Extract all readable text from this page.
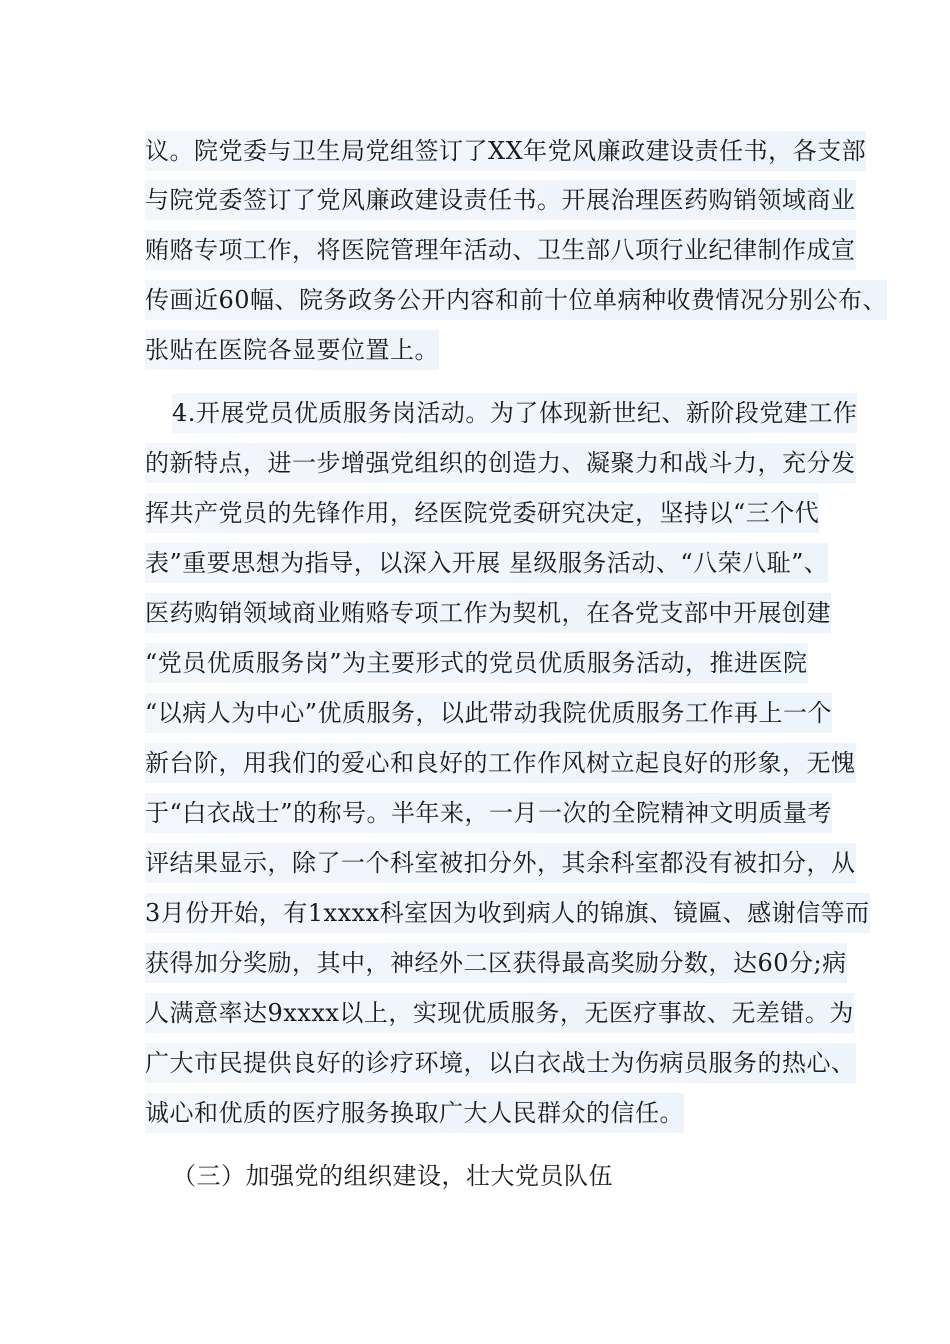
议。院党委与卫生局党组签订了XX年党风廉政建设责任书，各支部
与院党委签订了党风廉政建设责任书。开展治理医药购销领域商业
贿赂专项工作，将医院管理年活动、卫生部八项行业纪律制作成宣
传画近60幅、院务政务公开内容和前十位单病种收费情况分别公布、
张贴在医院各显要位置上。
4.开展党员优质服务岗活动。为了体现新世纪、新阶段党建工作
的新特点，进一步增强党组织的创造力、凝聚力和战斗力，充分发
挥共产党员的先锋作用，经医院党委研究决定，坚持以“三个代
表”重要思想为指导，以深入开展 星级服务活动、“八荣八耻”、
医药购销领域商业贿赂专项工作为契机，在各党支部中开展创建
“党员优质服务岗”为主要形式的党员优质服务活动，推进医院
“以病人为中心”优质服务，以此带动我院优质服务工作再上一个
新台阶，用我们的爱心和良好的工作作风树立起良好的形象，无愧
于“白衣战士”的称号。半年来，一月一次的全院精神文明质量考
评结果显示，除了一个科室被扣分外，其余科室都没有被扣分，从
3月份开始，有1xxxx科室因为收到病人的锦旗、镜匾、感谢信等而
获得加分奖励，其中，神经外二区获得最高奖励分数，达60分;病
人满意率达9xxxx以上，实现优质服务，无医疗事故、无差错。为
广大市民提供良好的诊疗环境，以白衣战士为伤病员服务的热心、
诚心和优质的医疗服务换取广大人民群众的信任。
（三）加强党的组织建设，壮大党员队伍
